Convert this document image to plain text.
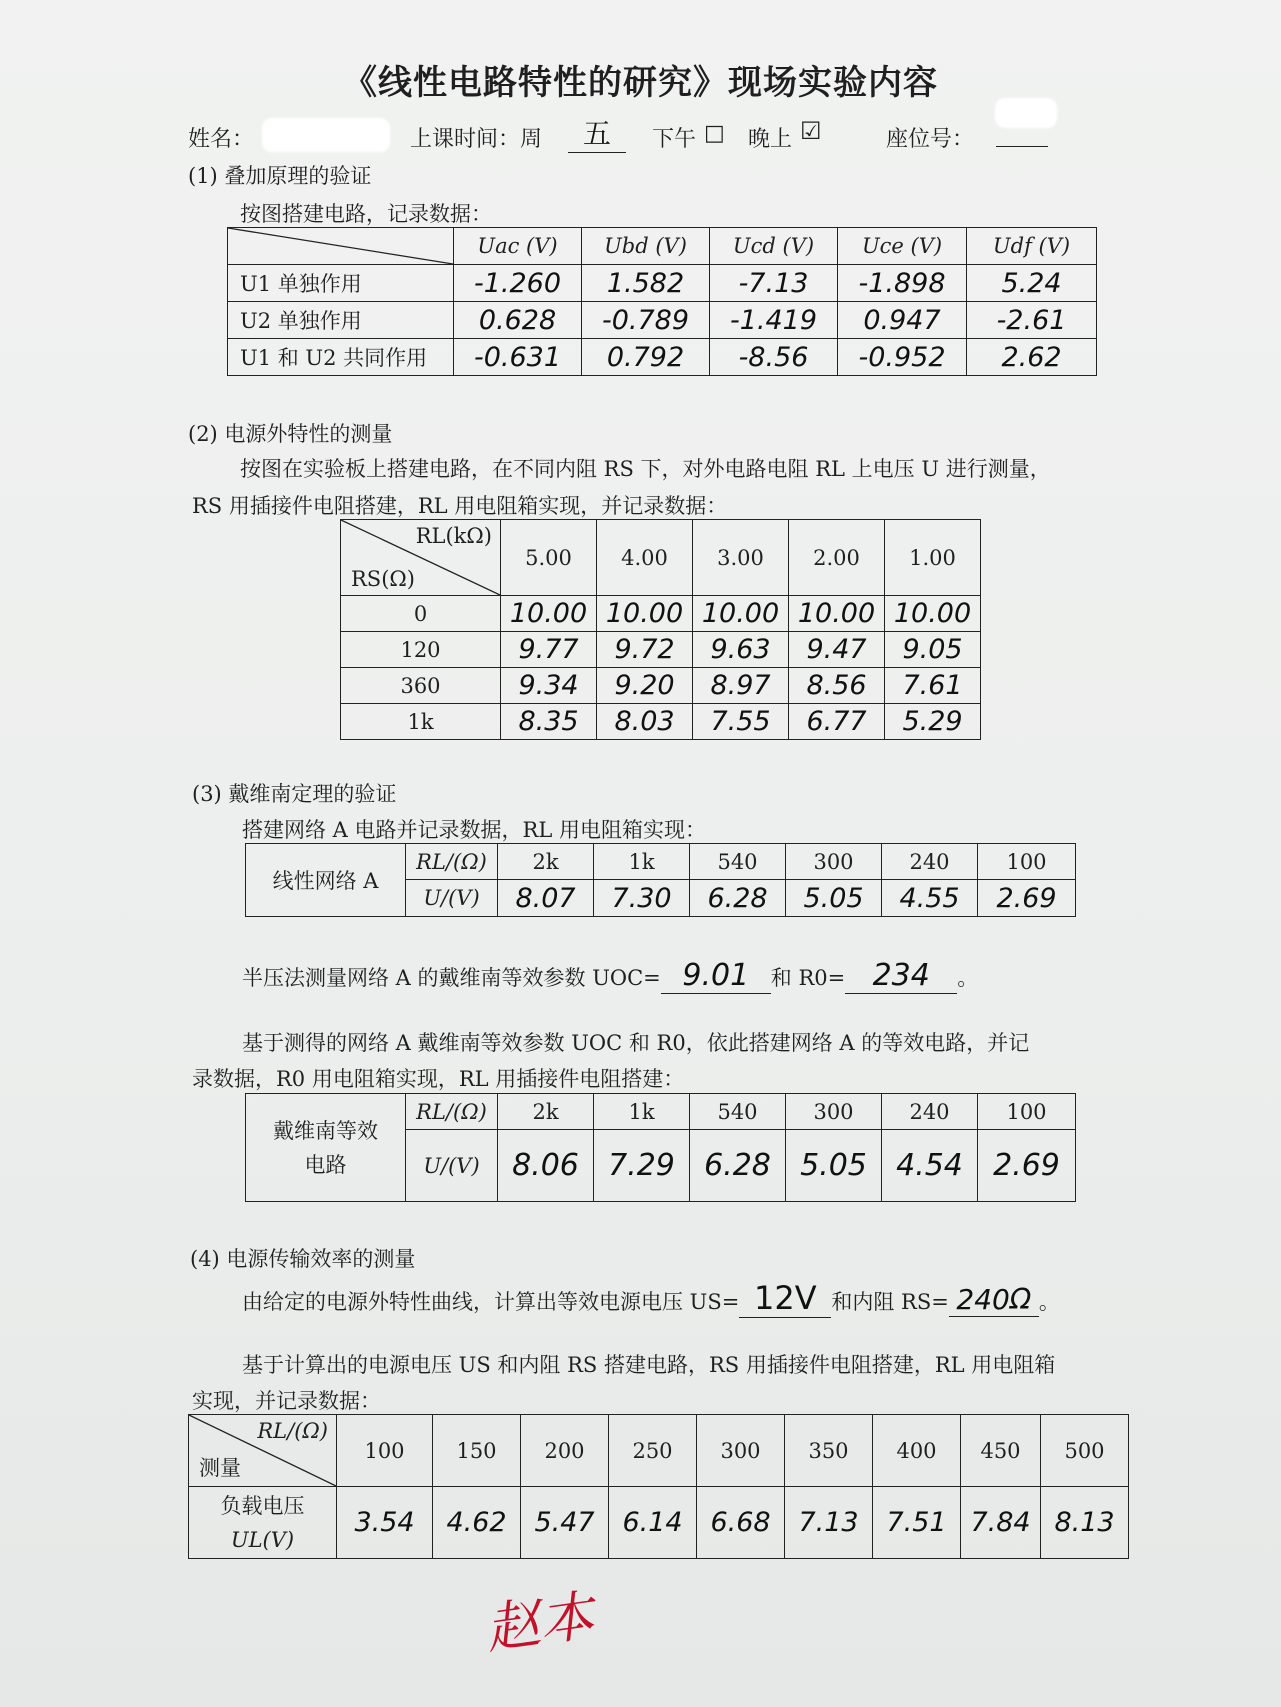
《线性电路特性的研究》现场实验内容
姓名：	上课时间：周	五	下午 □ 晚上 ☑	座位号：
(1) 叠加原理的验证
按图搭建电路，记录数据：
	Uac (V)	Ubd (V)	Ucd (V)	Uce (V)	Udf (V)
U1 单独作用	-1.260	1.582	-7.13	-1.898	5.24
U2 单独作用	0.628	-0.789	-1.419	0.947	-2.61
U1 和 U2 共同作用	-0.631	0.792	-8.56	-0.952	2.62
(2) 电源外特性的测量
按图在实验板上搭建电路，在不同内阻 RS 下，对外电路电阻 RL 上电压 U 进行测量，
RS 用插接件电阻搭建，RL 用电阻箱实现，并记录数据：
RL(kΩ)
RS(Ω)	5.00	4.00	3.00	2.00	1.00
0	10.00	10.00	10.00	10.00	10.00
120	9.77	9.72	9.63	9.47	9.05
360	9.34	9.20	8.97	8.56	7.61
1k	8.35	8.03	7.55	6.77	5.29
(3) 戴维南定理的验证
搭建网络 A 电路并记录数据，RL 用电阻箱实现：
线性网络 A	RL/(Ω)	2k	1k	540	300	240	100
	U/(V)	8.07	7.30	6.28	5.05	4.55	2.69
半压法测量网络 A 的戴维南等效参数 UOC= 9.01 和 R0= 234 。
基于测得的网络 A 戴维南等效参数 UOC 和 R0，依此搭建网络 A 的等效电路，并记
录数据，R0 用电阻箱实现，RL 用插接件电阻搭建：
戴维南等效
电路	RL/(Ω)	2k	1k	540	300	240	100
	U/(V)	8.06	7.29	6.28	5.05	4.54	2.69
(4) 电源传输效率的测量
由给定的电源外特性曲线，计算出等效电源电压 US= 12V 和内阻 RS= 240Ω 。
基于计算出的电源电压 US 和内阻 RS 搭建电路，RS 用插接件电阻搭建，RL 用电阻箱
实现，并记录数据：
RL/(Ω)
测量	100	150	200	250	300	350	400	450	500
负载电压
UL(V)	3.54	4.62	5.47	6.14	6.68	7.13	7.51	7.84	8.13
赵本
